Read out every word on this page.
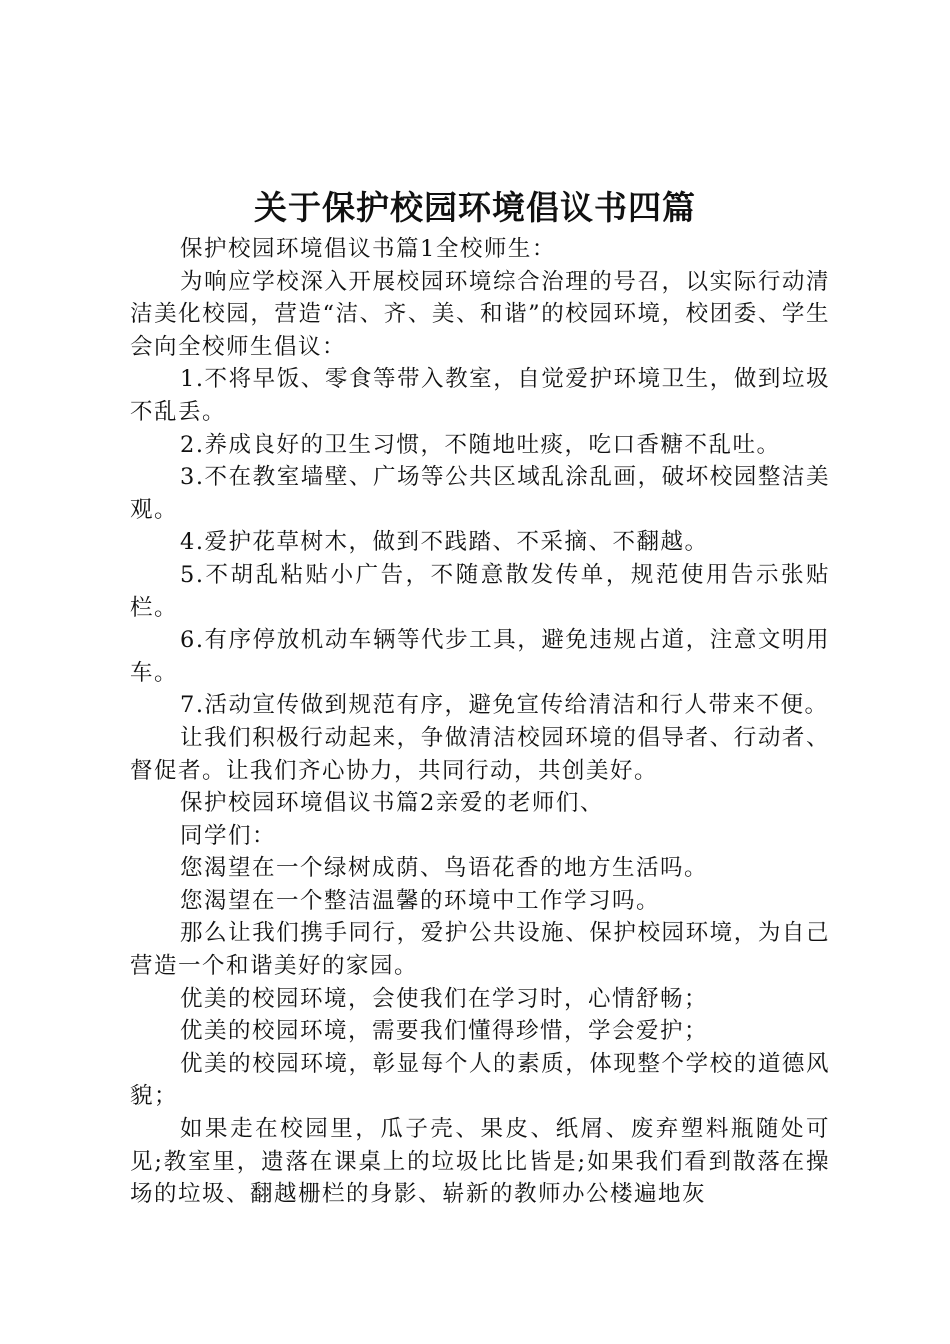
关于保护校园环境倡议书四篇

保护校园环境倡议书篇1全校师生：

为响应学校深入开展校园环境综合治理的号召，以实际行动清洁美化校园，营造“洁、齐、美、和谐”的校园环境，校团委、学生会向全校师生倡议：

1.不将早饭、零食等带入教室，自觉爱护环境卫生，做到垃圾不乱丢。

2.养成良好的卫生习惯，不随地吐痰，吃口香糖不乱吐。

3.不在教室墙壁、广场等公共区域乱涂乱画，破坏校园整洁美观。

4.爱护花草树木，做到不践踏、不采摘、不翻越。

5.不胡乱粘贴小广告，不随意散发传单，规范使用告示张贴栏。

6.有序停放机动车辆等代步工具，避免违规占道，注意文明用车。

7.活动宣传做到规范有序，避免宣传给清洁和行人带来不便。

让我们积极行动起来，争做清洁校园环境的倡导者、行动者、督促者。让我们齐心协力，共同行动，共创美好。

保护校园环境倡议书篇2亲爱的老师们、

同学们：

您渴望在一个绿树成荫、鸟语花香的地方生活吗。

您渴望在一个整洁温馨的环境中工作学习吗。

那么让我们携手同行，爱护公共设施、保护校园环境，为自己营造一个和谐美好的家园。

优美的校园环境，会使我们在学习时，心情舒畅；

优美的校园环境，需要我们懂得珍惜，学会爱护；

优美的校园环境，彰显每个人的素质，体现整个学校的道德风貌；

如果走在校园里，瓜子壳、果皮、纸屑、废弃塑料瓶随处可见;教室里，遗落在课桌上的垃圾比比皆是;如果我们看到散落在操场的垃圾、翻越栅栏的身影、崭新的教师办公楼遍地灰
